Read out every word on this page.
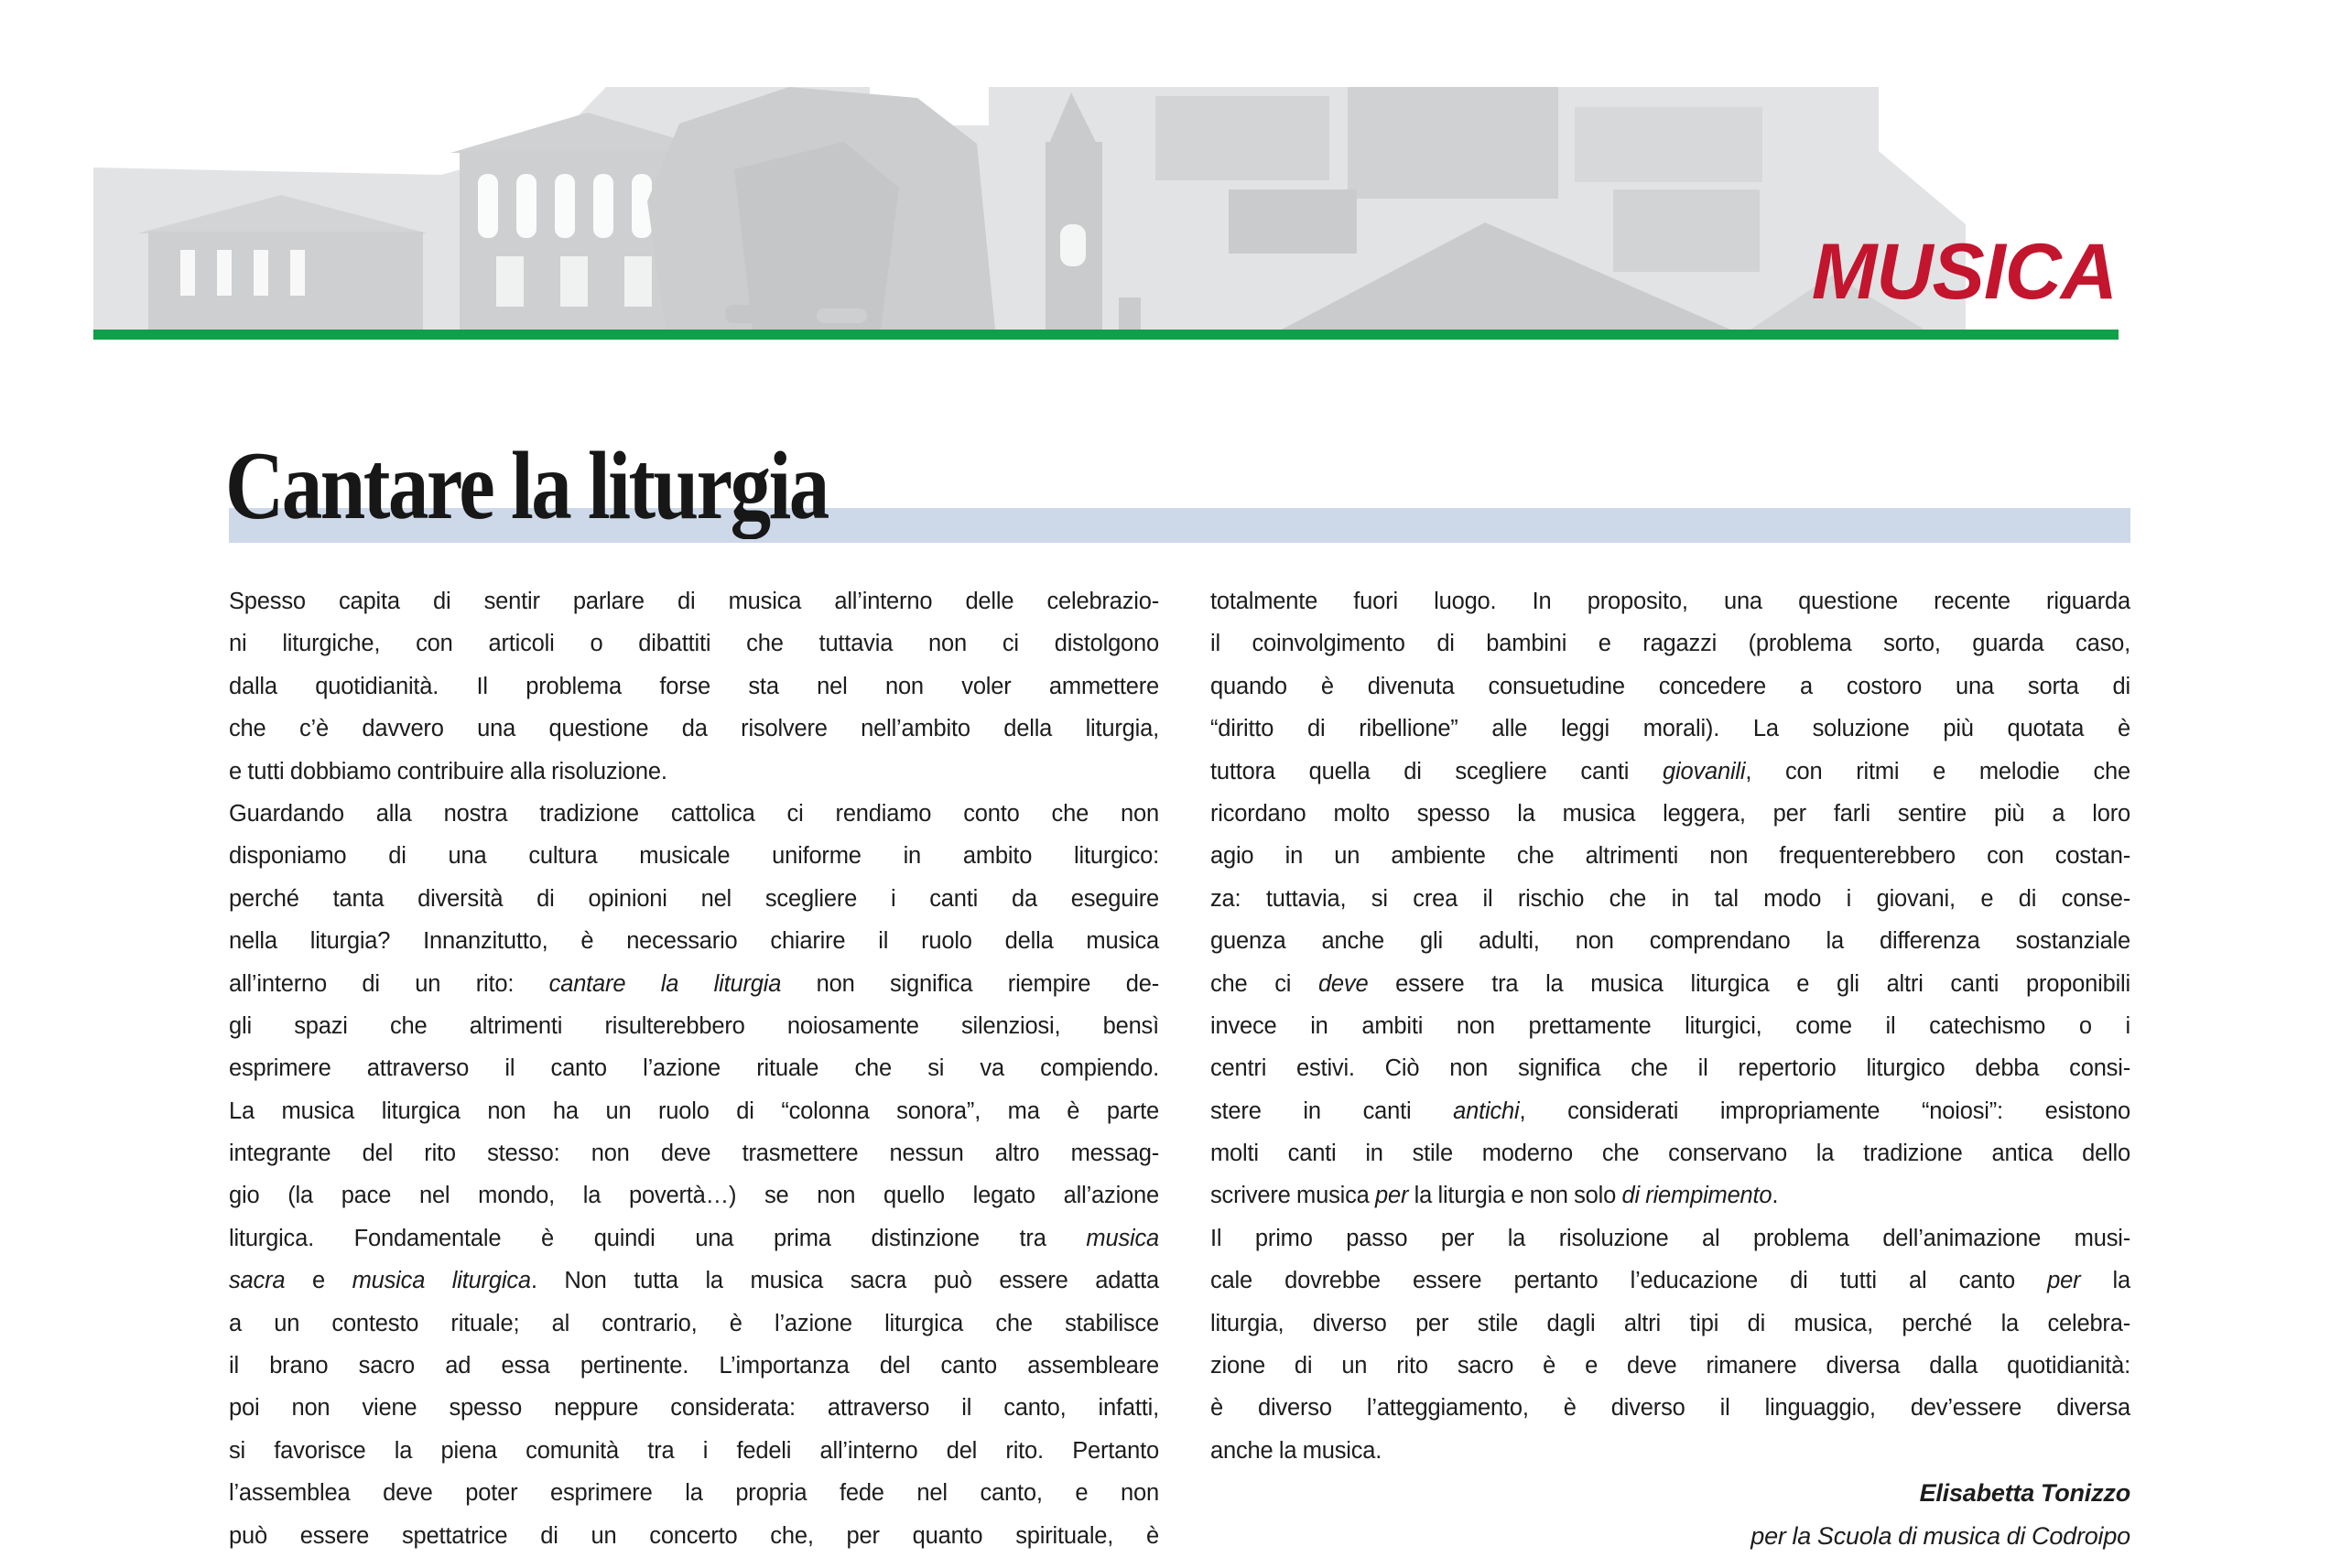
MUSICA
Cantare la liturgia
Spesso capita di sentir parlare di musica all’interno delle celebrazio-
ni liturgiche, con articoli o dibattiti che tuttavia non ci distolgono
dalla quotidianità. Il problema forse sta nel non voler ammettere
che c’è davvero una questione da risolvere nell’ambito della liturgia,
e tutti dobbiamo contribuire alla risoluzione.
Guardando alla nostra tradizione cattolica ci rendiamo conto che non
disponiamo di una cultura musicale uniforme in ambito liturgico:
perché tanta diversità di opinioni nel scegliere i canti da eseguire
nella liturgia? Innanzitutto, è necessario chiarire il ruolo della musica
all’interno di un rito: cantare la liturgia non significa riempire de-
gli spazi che altrimenti risulterebbero noiosamente silenziosi, bensì
esprimere attraverso il canto l’azione rituale che si va compiendo.
La musica liturgica non ha un ruolo di “colonna sonora”, ma è parte
integrante del rito stesso: non deve trasmettere nessun altro messag-
gio (la pace nel mondo, la povertà…) se non quello legato all’azione
liturgica. Fondamentale è quindi una prima distinzione tra musica
sacra e musica liturgica. Non tutta la musica sacra può essere adatta
a un contesto rituale; al contrario, è l’azione liturgica che stabilisce
il brano sacro ad essa pertinente. L’importanza del canto assembleare
poi non viene spesso neppure considerata: attraverso il canto, infatti,
si favorisce la piena comunità tra i fedeli all’interno del rito. Pertanto
l’assemblea deve poter esprimere la propria fede nel canto, e non
può essere spettatrice di un concerto che, per quanto spirituale, è
totalmente fuori luogo. In proposito, una questione recente riguarda
il coinvolgimento di bambini e ragazzi (problema sorto, guarda caso,
quando è divenuta consuetudine concedere a costoro una sorta di
“diritto di ribellione” alle leggi morali). La soluzione più quotata è
tuttora quella di scegliere canti giovanili, con ritmi e melodie che
ricordano molto spesso la musica leggera, per farli sentire più a loro
agio in un ambiente che altrimenti non frequenterebbero con costan-
za: tuttavia, si crea il rischio che in tal modo i giovani, e di conse-
guenza anche gli adulti, non comprendano la differenza sostanziale
che ci deve essere tra la musica liturgica e gli altri canti proponibili
invece in ambiti non prettamente liturgici, come il catechismo o i
centri estivi. Ciò non significa che il repertorio liturgico debba consi-
stere in canti antichi, considerati impropriamente “noiosi”: esistono
molti canti in stile moderno che conservano la tradizione antica dello
scrivere musica per la liturgia e non solo di riempimento.
Il primo passo per la risoluzione al problema dell’animazione musi-
cale dovrebbe essere pertanto l’educazione di tutti al canto per la
liturgia, diverso per stile dagli altri tipi di musica, perché la celebra-
zione di un rito sacro è e deve rimanere diversa dalla quotidianità:
è diverso l’atteggiamento, è diverso il linguaggio, dev’essere diversa
anche la musica.
Elisabetta Tonizzo
per la Scuola di musica di Codroipo
